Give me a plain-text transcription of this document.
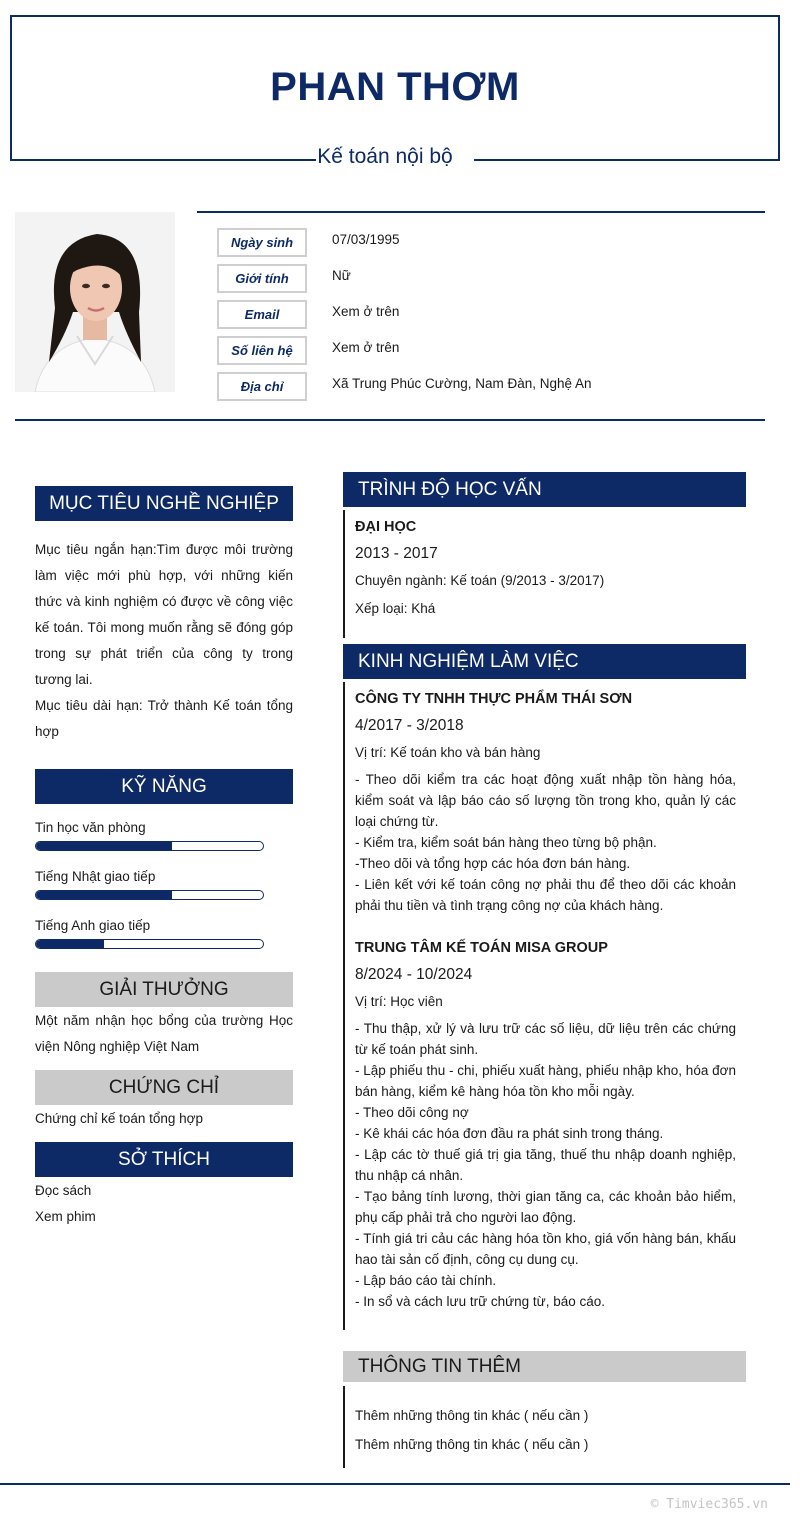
PHAN THƠM
Kế toán nội bộ
Ngày sinh	07/03/1995
Giới tính	Nữ
Email	Xem ở trên
Số liên hệ	Xem ở trên
Địa chỉ	Xã Trung Phúc Cường, Nam Đàn, Nghệ An
MỤC TIÊU NGHỀ NGHIỆP
Mục tiêu ngắn hạn:Tìm được môi trường làm việc mới phù hợp, với những kiến thức và kinh nghiệm có được về công việc kế toán. Tôi mong muốn rằng sẽ đóng góp trong sự phát triển của công ty trong tương lai.
Mục tiêu dài hạn: Trở thành Kế toán tổng hợp
KỸ NĂNG
Tin học văn phòng
Tiếng Nhật giao tiếp
Tiếng Anh giao tiếp
GIẢI THƯỞNG
Một năm nhận học bổng của trường Học viện Nông nghiệp Việt Nam
CHỨNG CHỈ
Chứng chỉ kế toán tổng hợp
SỞ THÍCH
Đọc sách
Xem phim
TRÌNH ĐỘ HỌC VẤN
ĐẠI HỌC
2013 - 2017
Chuyên ngành: Kế toán (9/2013 - 3/2017)
Xếp loại: Khá
KINH NGHIỆM LÀM VIỆC
CÔNG TY TNHH THỰC PHẨM THÁI SƠN
4/2017 - 3/2018
Vị trí: Kế toán kho và bán hàng
- Theo dõi kiểm tra các hoạt động xuất nhập tồn hàng hóa, kiểm soát và lập báo cáo số lượng tồn trong kho, quản lý các loại chứng từ.
- Kiểm tra, kiểm soát bán hàng theo từng bộ phận.
-Theo dõi và tổng hợp các hóa đơn bán hàng.
- Liên kết với kế toán công nợ phải thu để theo dõi các khoản phải thu tiền và tình trạng công nợ của khách hàng.
TRUNG TÂM KẾ TOÁN MISA GROUP
8/2024 - 10/2024
Vị trí: Học viên
- Thu thập, xử lý và lưu trữ các số liệu, dữ liệu trên các chứng từ kế toán phát sinh.
- Lập phiếu thu - chi, phiếu xuất hàng, phiếu nhập kho, hóa đơn bán hàng, kiểm kê hàng hóa tồn kho mỗi ngày.
- Theo dõi công nợ
- Kê khái các hóa đơn đầu ra phát sinh trong tháng.
- Lập các tờ thuế giá trị gia tăng, thuế thu nhập doanh nghiệp, thu nhập cá nhân.
- Tạo bảng tính lương, thời gian tăng ca, các khoản bảo hiểm, phụ cấp phải trả cho người lao động.
- Tính giá tri cảu các hàng hóa tồn kho, giá vốn hàng bán, khấu hao tài sản cố định, công cụ dung cụ.
- Lập báo cáo tài chính.
- In sổ và cách lưu trữ chứng từ, báo cáo.
THÔNG TIN THÊM
Thêm những thông tin khác ( nếu cần )
Thêm những thông tin khác ( nếu cần )
© Timviec365.vn
